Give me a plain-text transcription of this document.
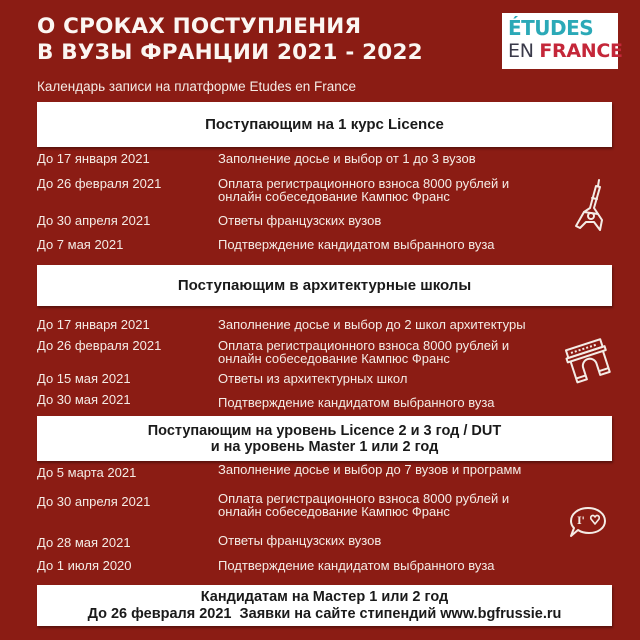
О СРОКАХ ПОСТУПЛЕНИЯ
В ВУЗЫ ФРАНЦИИ 2021 - 2022
Календарь записи на платформе Etudes en France
ÉTUDES
EN FRANCE
Поступающим на 1 курс Licence
До 17 января 2021	Заполнение досье и выбор от 1 до 3 вузов
До 26 февраля 2021	Оплата регистрационного взноса 8000 рублей и
онлайн собеседование Кампюс Франс
До 30 апреля 2021	Ответы французских вузов
До 7 мая 2021	Подтверждение кандидатом выбранного вуза
Поступающим в архитектурные школы
До 17 января 2021	Заполнение досье и выбор до 2 школ архитектуры
До 26 февраля 2021	Оплата регистрационного взноса 8000 рублей и
онлайн собеседование Кампюс Франс
До 15 мая 2021	Ответы из архитектурных школ
До 30 мая 2021	Подтверждение кандидатом выбранного вуза
Поступающим на уровень Licence 2 и 3 год / DUT
и на уровень Master 1 или 2 год
До 5 марта 2021	Заполнение досье и выбор до 7 вузов и программ
До 30 апреля 2021	Оплата регистрационного взноса 8000 рублей и
онлайн собеседование Кампюс Франс
До 28 мая 2021	Ответы французских вузов
До 1 июля 2020	Подтверждение кандидатом выбранного вуза
I'
Кандидатам на Мастер 1 или 2 год
До 26 февраля 2021  Заявки на сайте стипендий www.bgfrussie.ru
